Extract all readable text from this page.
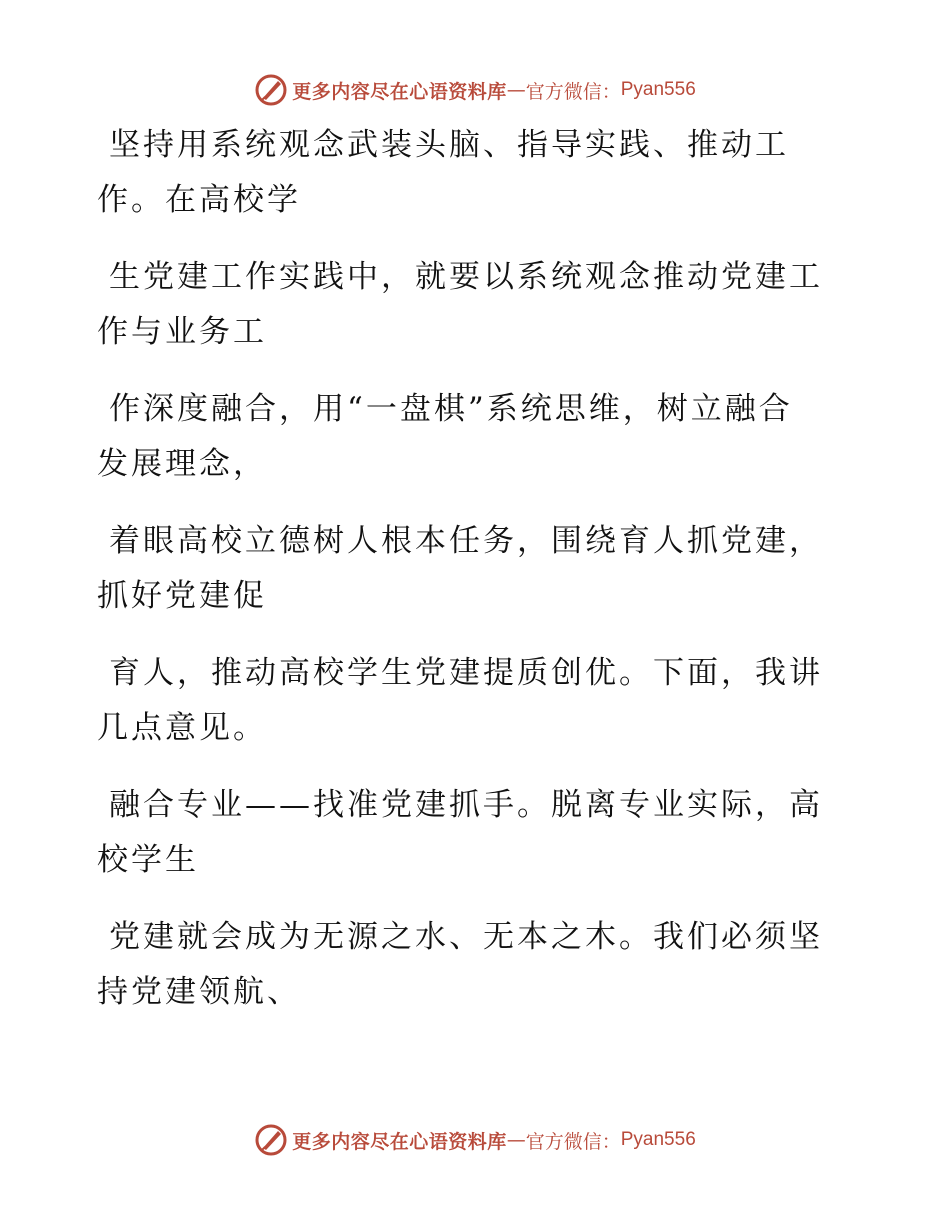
更多内容尽在心语资料库 — 官方微信： Pyan556

坚持用系统观念武装头脑、指导实践、推动工
作。在高校学

生党建工作实践中，就要以系统观念推动党建工
作与业务工

作深度融合，用“一盘棋”系统思维，树立融合
发展理念，

着眼高校立德树人根本任务，围绕育人抓党建，
抓好党建促

育人，推动高校学生党建提质创优。下面，我讲
几点意见。

融合专业——找准党建抓手。脱离专业实际，高
校学生

党建就会成为无源之水、无本之木。我们必须坚
持党建领航、

更多内容尽在心语资料库 — 官方微信： Pyan556
